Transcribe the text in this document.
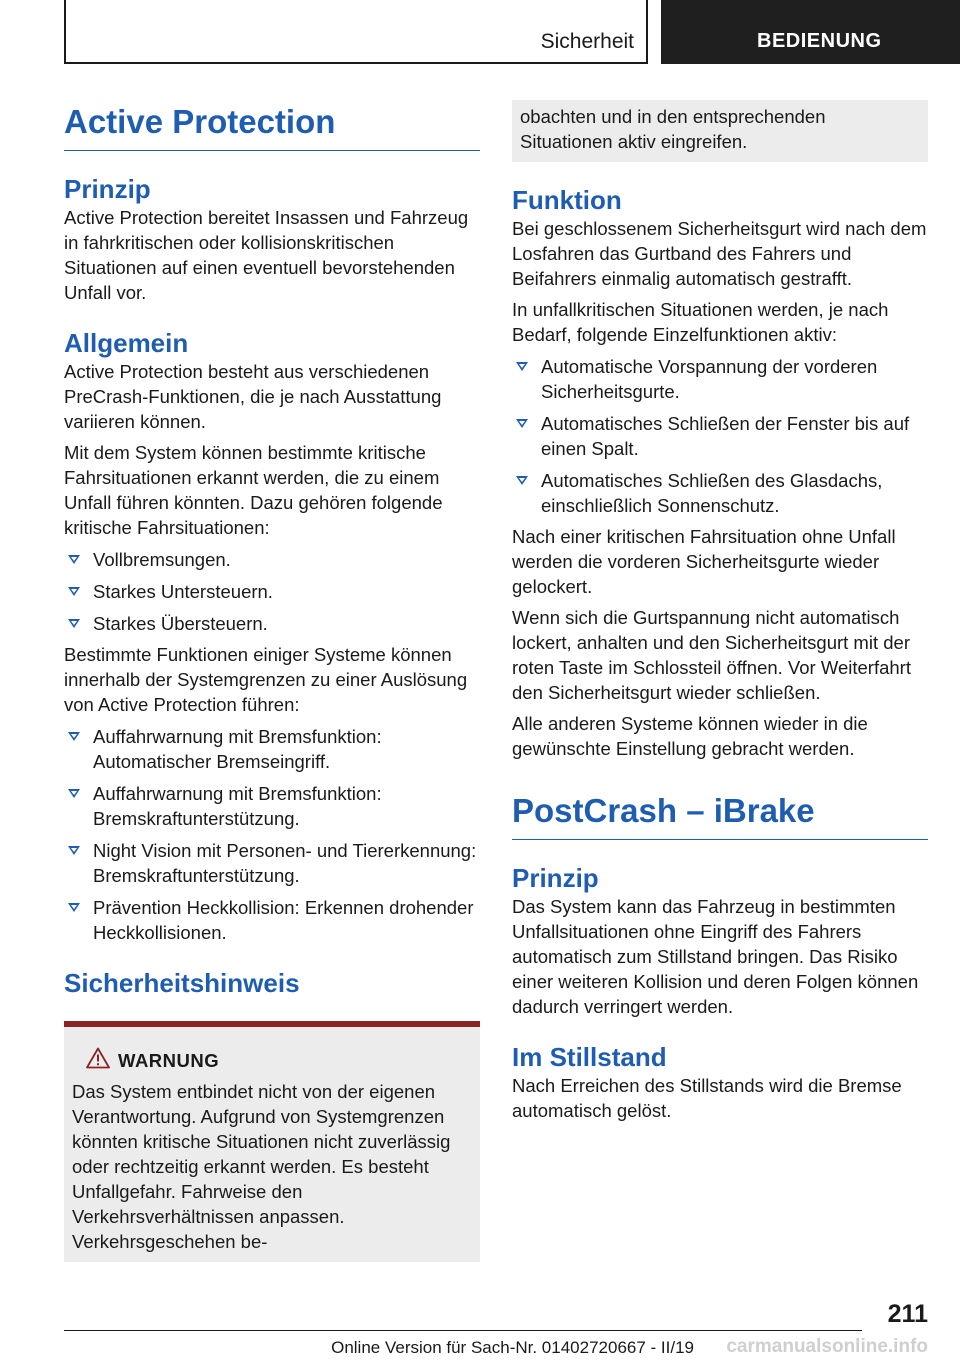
Sicherheit	BEDIENUNG
Active Protection
Prinzip

Active Protection bereitet Insassen und Fahrzeug in fahrkritischen oder kollisionskritischen Situationen auf einen eventuell bevorstehenden Unfall vor.

Allgemein

Active Protection besteht aus verschiedenen PreCrash-Funktionen, die je nach Ausstattung variieren können.

Mit dem System können bestimmte kritische Fahrsituationen erkannt werden, die zu einem Unfall führen könnten. Dazu gehören folgende kritische Fahrsituationen:

Vollbremsungen.
Starkes Untersteuern.
Starkes Übersteuern.

Bestimmte Funktionen einiger Systeme können innerhalb der Systemgrenzen zu einer Auslösung von Active Protection führen:

Auffahrwarnung mit Bremsfunktion: Automatischer Bremseingriff.
Auffahrwarnung mit Bremsfunktion: Bremskraftunterstützung.
Night Vision mit Personen- und Tiererkennung: Bremskraftunterstützung.
Prävention Heckkollision: Erkennen drohender Heckkollisionen.
Sicherheitshinweis
WARNUNG

Das System entbindet nicht von der eigenen Verantwortung. Aufgrund von Systemgrenzen könnten kritische Situationen nicht zuverlässig oder rechtzeitig erkannt werden. Es besteht Unfallgefahr. Fahrweise den Verkehrsverhältnissen anpassen. Verkehrsgeschehen be-

obachten und in den entsprechenden Situationen aktiv eingreifen.

Funktion

Bei geschlossenem Sicherheitsgurt wird nach dem Losfahren das Gurtband des Fahrers und Beifahrers einmalig automatisch gestrafft.

In unfallkritischen Situationen werden, je nach Bedarf, folgende Einzelfunktionen aktiv:

Automatische Vorspannung der vorderen Sicherheitsgurte.
Automatisches Schließen der Fenster bis auf einen Spalt.
Automatisches Schließen des Glasdachs, einschließlich Sonnenschutz.

Nach einer kritischen Fahrsituation ohne Unfall werden die vorderen Sicherheitsgurte wieder gelockert.

Wenn sich die Gurtspannung nicht automatisch lockert, anhalten und den Sicherheitsgurt mit der roten Taste im Schlossteil öffnen. Vor Weiterfahrt den Sicherheitsgurt wieder schließen.

Alle anderen Systeme können wieder in die gewünschte Einstellung gebracht werden.

PostCrash – iBrake
Prinzip

Das System kann das Fahrzeug in bestimmten Unfallsituationen ohne Eingriff des Fahrers automatisch zum Stillstand bringen. Das Risiko einer weiteren Kollision und deren Folgen können dadurch verringert werden.

Im Stillstand

Nach Erreichen des Stillstands wird die Bremse automatisch gelöst.

211
Online Version für Sach-Nr. 01402720667 - II/19 carmanualsonline.info
